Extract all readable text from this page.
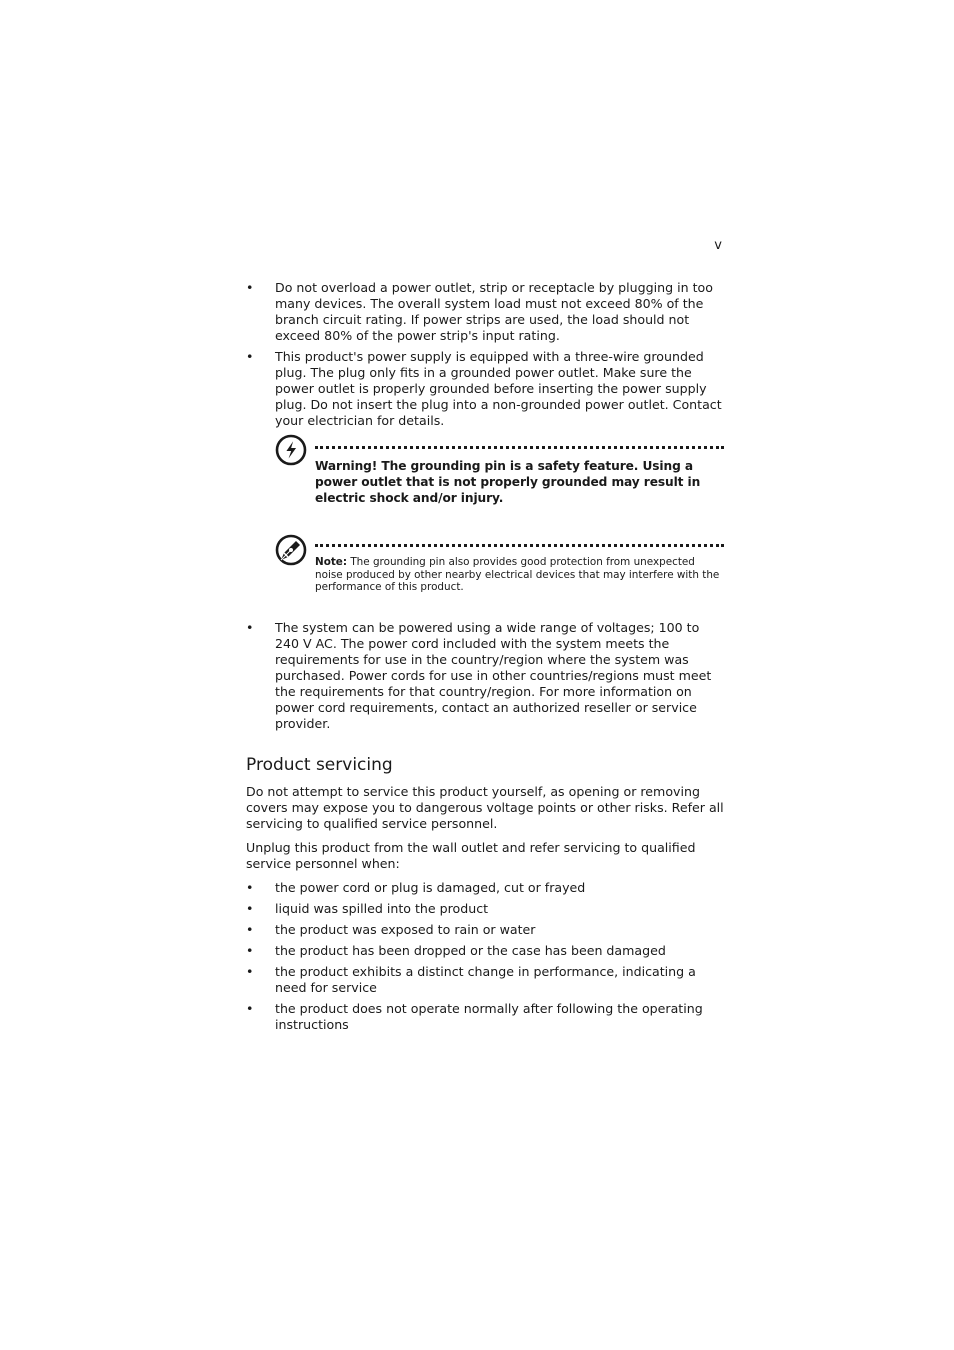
v
• Do not overload a power outlet, strip or receptacle by plugging in too many devices. The overall system load must not exceed 80% of the branch circuit rating. If power strips are used, the load should not exceed 80% of the power strip's input rating.
• This product's power supply is equipped with a three-wire grounded plug. The plug only fits in a grounded power outlet. Make sure the power outlet is properly grounded before inserting the power supply plug. Do not insert the plug into a non-grounded power outlet. Contact your electrician for details.
Warning! The grounding pin is a safety feature. Using a power outlet that is not properly grounded may result in electric shock and/or injury.
Note: The grounding pin also provides good protection from unexpected noise produced by other nearby electrical devices that may interfere with the performance of this product.
• The system can be powered using a wide range of voltages; 100 to 240 V AC. The power cord included with the system meets the requirements for use in the country/region where the system was purchased. Power cords for use in other countries/regions must meet the requirements for that country/region. For more information on power cord requirements, contact an authorized reseller or service provider.
Product servicing

Do not attempt to service this product yourself, as opening or removing covers may expose you to dangerous voltage points or other risks. Refer all servicing to qualified service personnel.

Unplug this product from the wall outlet and refer servicing to qualified service personnel when:

• the power cord or plug is damaged, cut or frayed
• liquid was spilled into the product
• the product was exposed to rain or water
• the product has been dropped or the case has been damaged
• the product exhibits a distinct change in performance, indicating a need for service
• the product does not operate normally after following the operating instructions
